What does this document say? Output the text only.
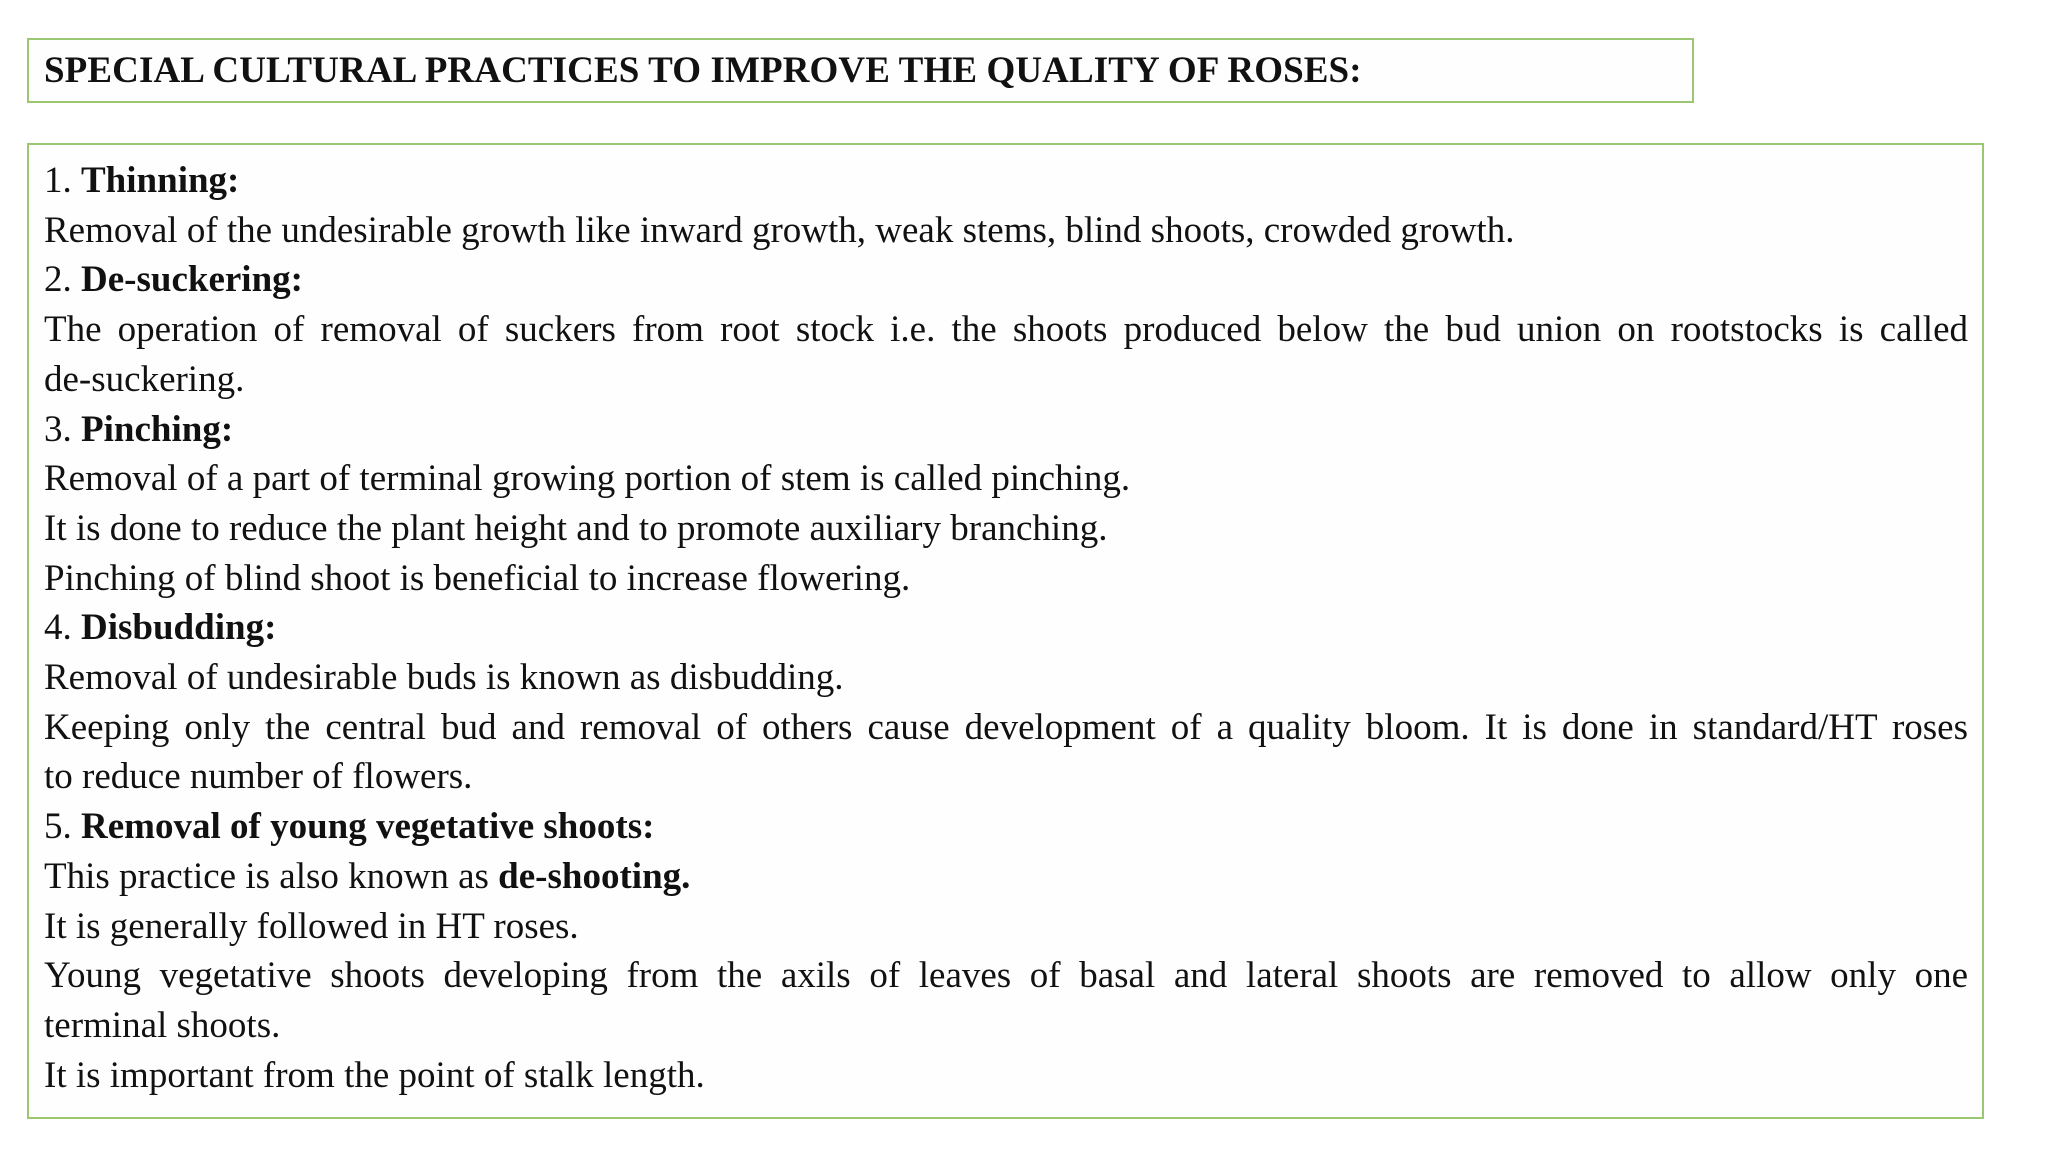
SPECIAL CULTURAL PRACTICES TO IMPROVE THE QUALITY OF ROSES:
1. Thinning:
Removal of the undesirable growth like inward growth, weak stems, blind shoots, crowded growth.
2. De-suckering:
The operation of removal of suckers from root stock i.e. the shoots produced below the bud union on rootstocks is called
de-suckering.
3. Pinching:
Removal of a part of terminal growing portion of stem is called pinching.
It is done to reduce the plant height and to promote auxiliary branching.
Pinching of blind shoot is beneficial to increase flowering.
4. Disbudding:
Removal of undesirable buds is known as disbudding.
Keeping only the central bud and removal of others cause development of a quality bloom. It is done in standard/HT roses
to reduce number of flowers.
5. Removal of young vegetative shoots:
This practice is also known as de-shooting.
It is generally followed in HT roses.
Young vegetative shoots developing from the axils of leaves of basal and lateral shoots are removed to allow only one
terminal shoots.
It is important from the point of stalk length.
